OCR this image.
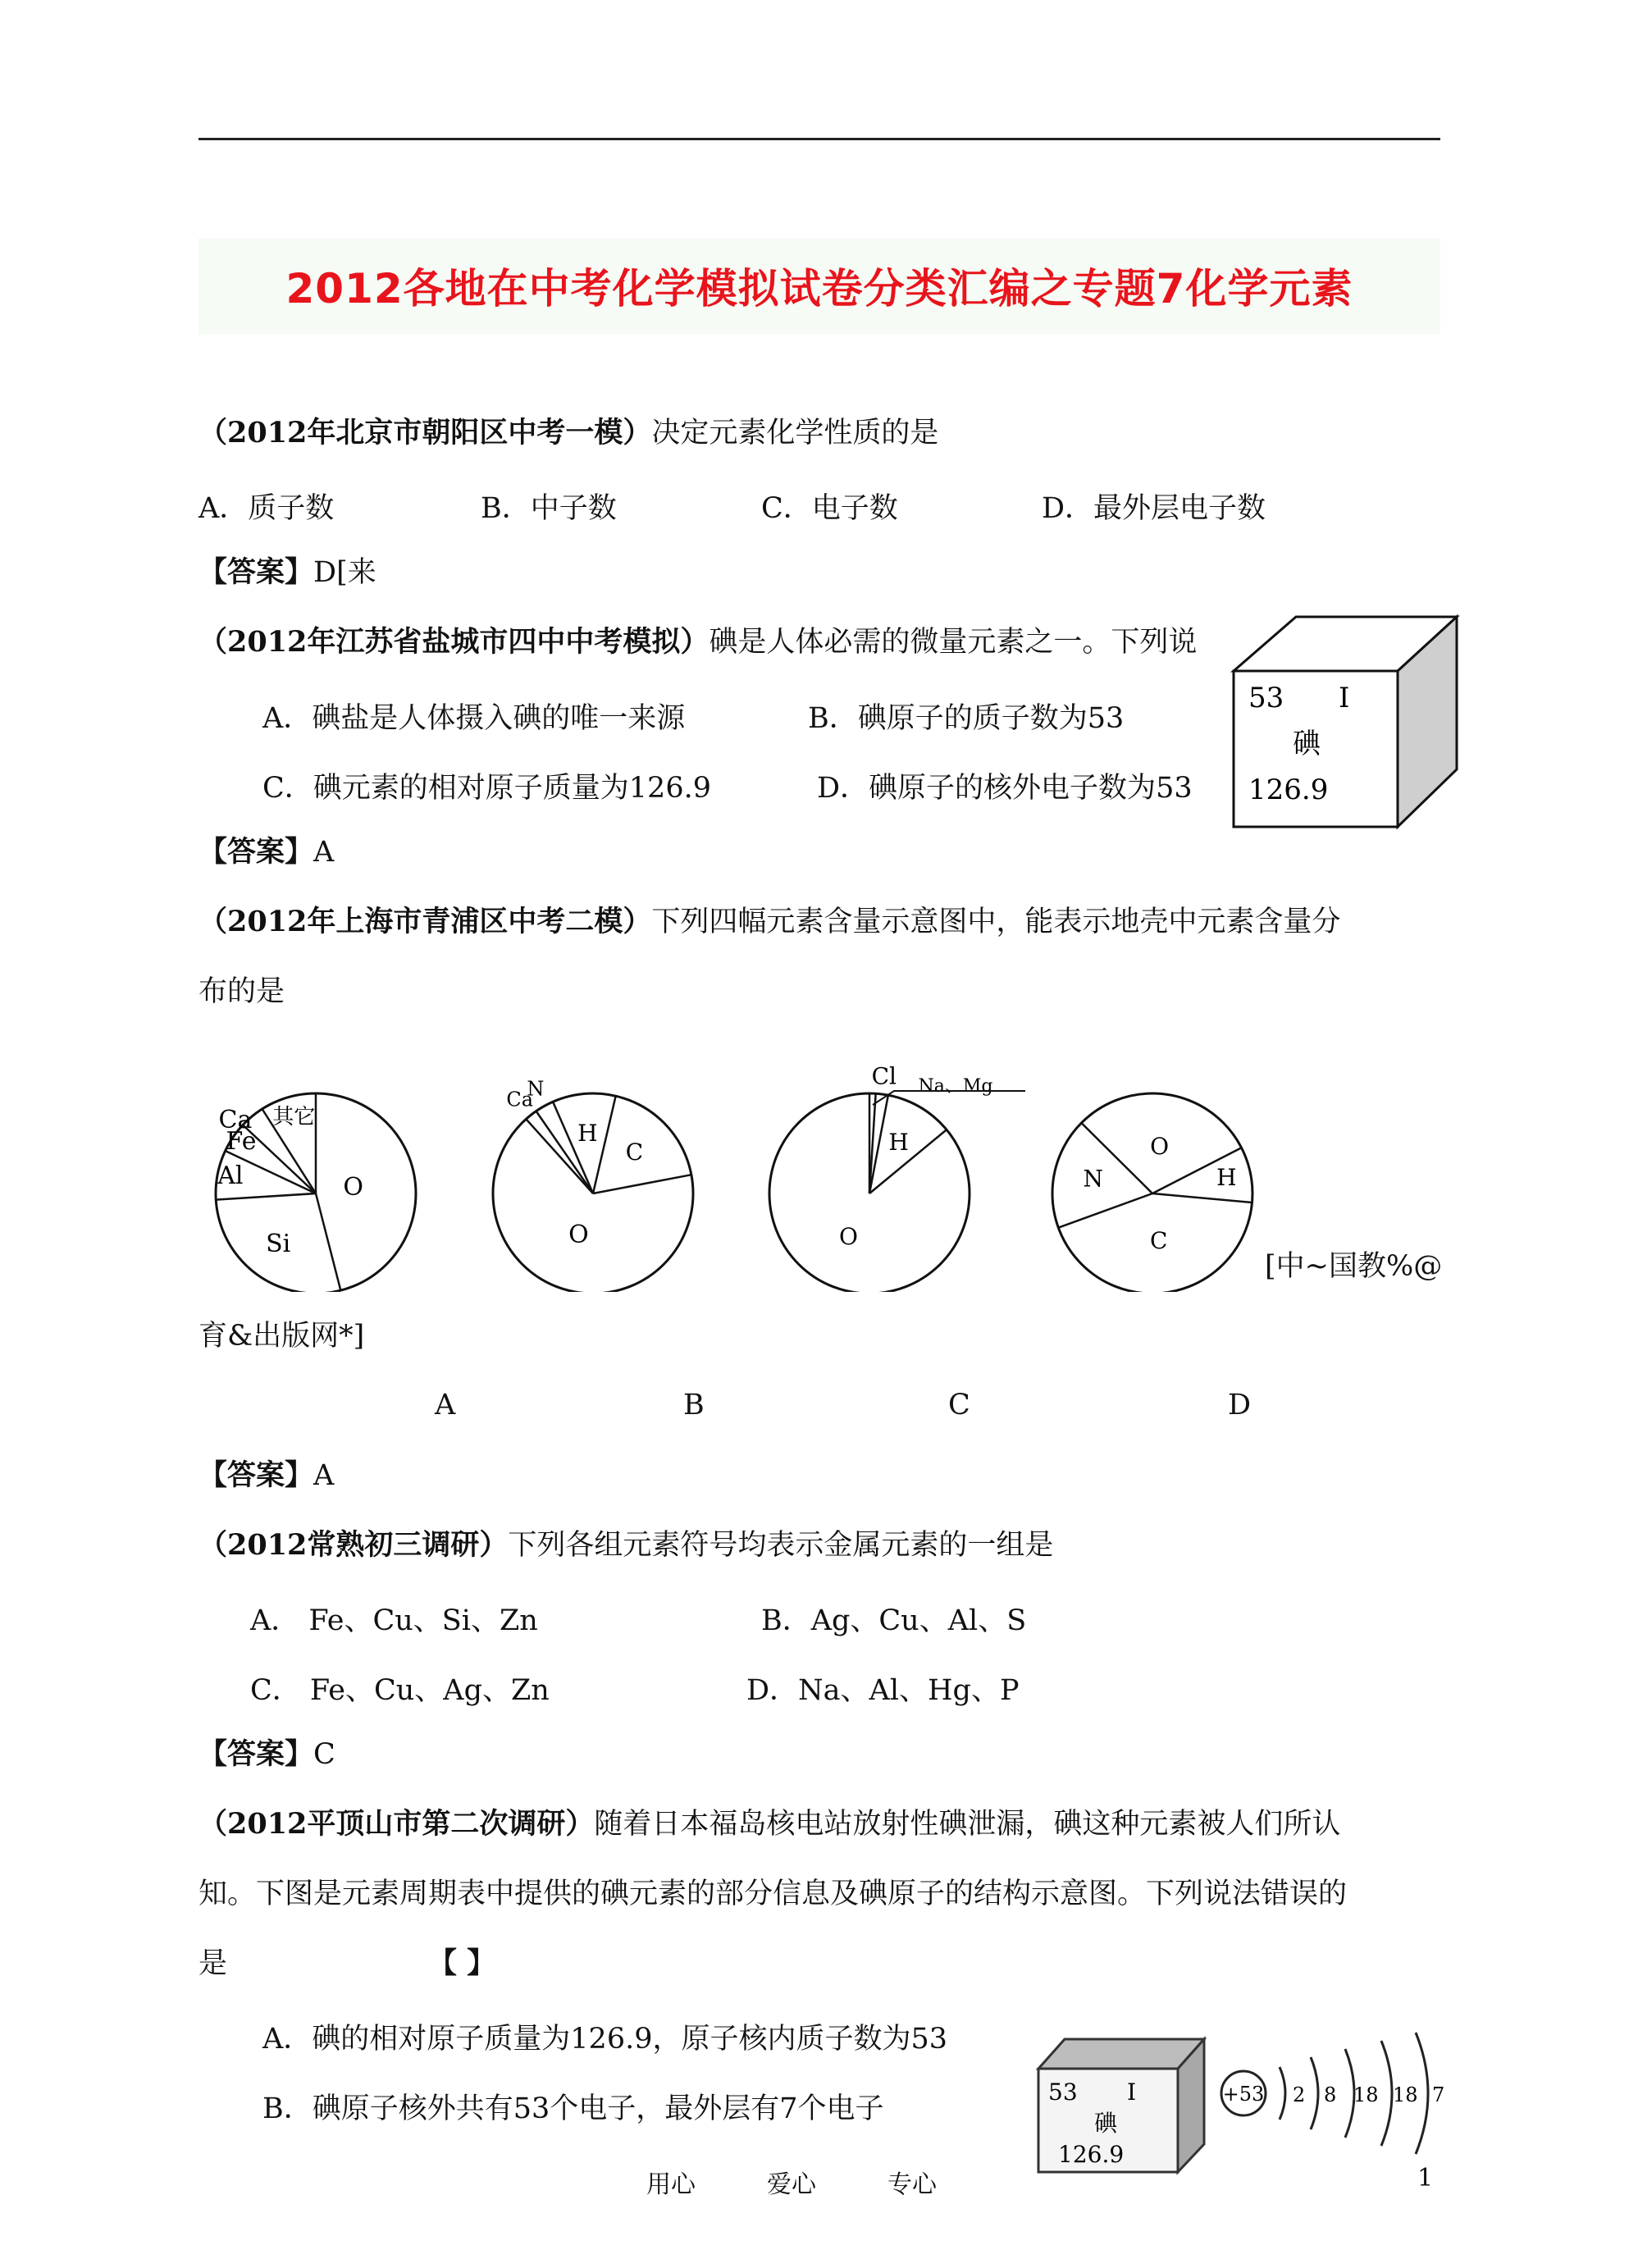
2012各地在中考化学模拟试卷分类汇编之专题7化学元素
（2012年北京市朝阳区中考一模）决定元素化学性质的是
A．质子数	B．中子数	C．电子数	D．最外层电子数
【答案】D[来
（2012年江苏省盐城市四中中考模拟）碘是人体必需的微量元素之一。下列说
A．碘盐是人体摄入碘的唯一来源	B．碘原子的质子数为53
C．碘元素的相对原子质量为126.9	D．碘原子的核外电子数为53
53 I
碘
126.9
【答案】A
（2012年上海市青浦区中考二模）下列四幅元素含量示意图中，能表示地壳中元素含量分
布的是
O
Si
Al
Fe
Ca 其它
O
C
H
N
Ca
O
H
Cl Na、Mg
C
H
O
N
[中~国教%@
育&出版网*]
A	B	C	D
【答案】A
（2012常熟初三调研）下列各组元素符号均表示金属元素的一组是
A． Fe、Cu、Si、Zn	B．Ag、Cu、Al、S
C． Fe、Cu、Ag、Zn	D．Na、Al、Hg、P
【答案】C
（2012平顶山市第二次调研）随着日本福岛核电站放射性碘泄漏，碘这种元素被人们所认
知。下图是元素周期表中提供的碘元素的部分信息及碘原子的结构示意图。下列说法错误的
是	【 】
A．碘的相对原子质量为126.9，原子核内质子数为53
B．碘原子核外共有53个电子，最外层有7个电子
53 I
碘
126.9
+53 2 8 18 18 7
用心	爱心	专心	1
